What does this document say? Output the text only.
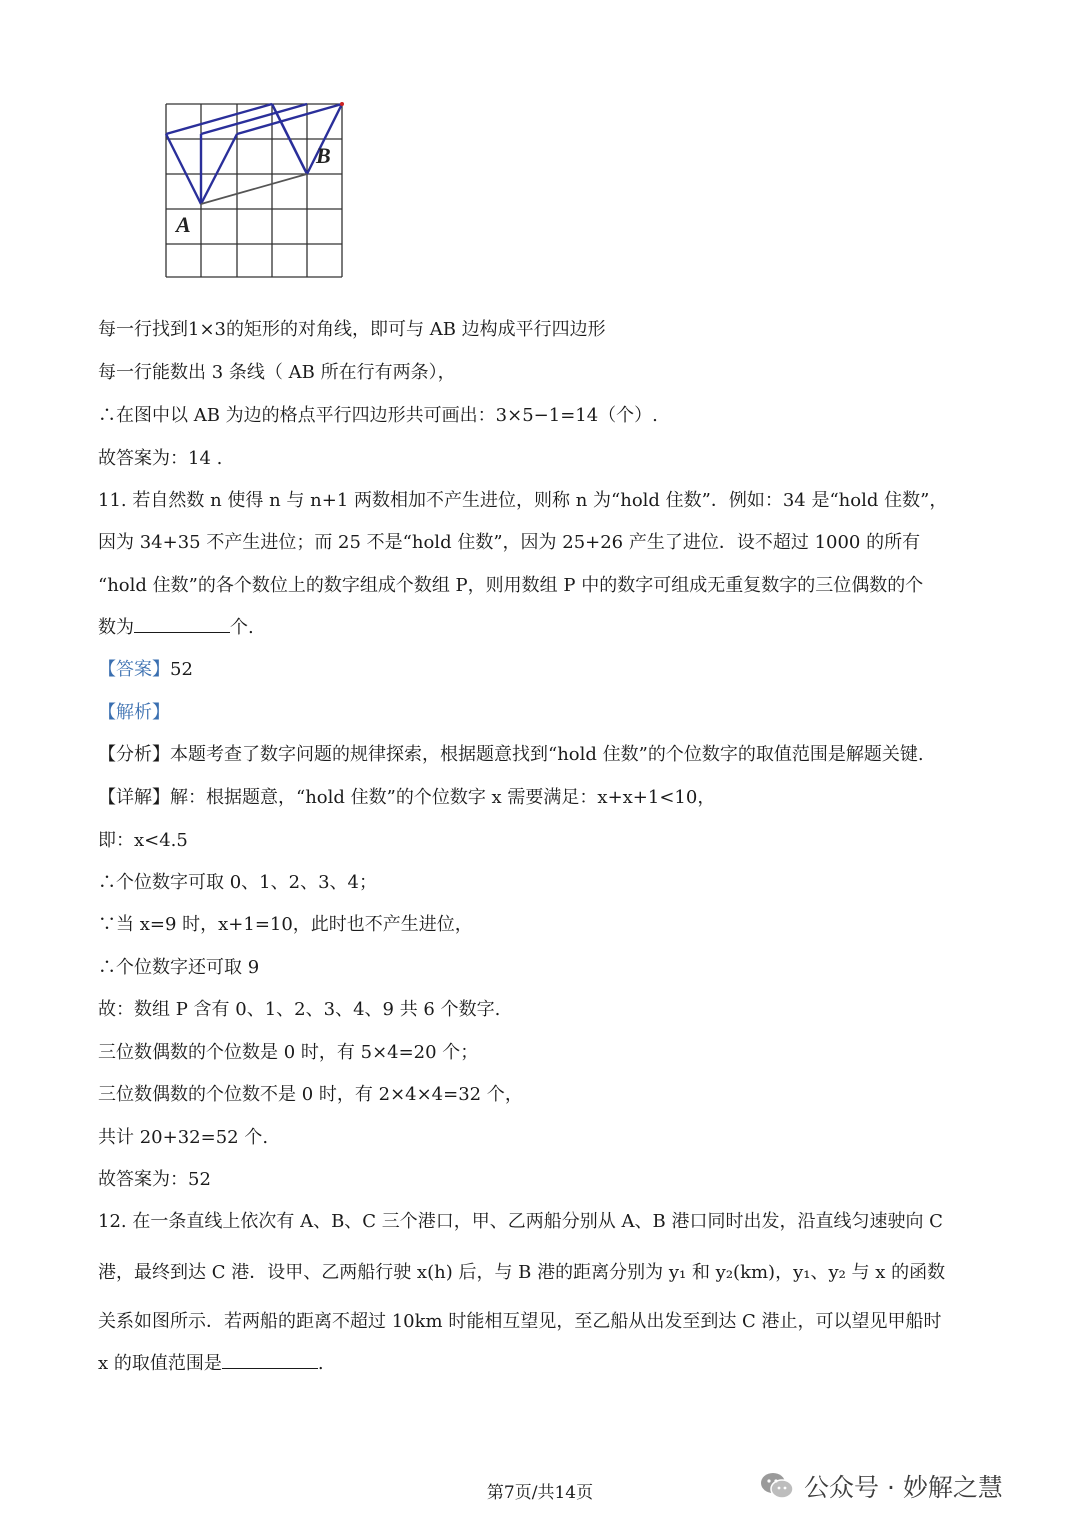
A
B
每一行找到1×3的矩形的对角线，即可与 AB 边构成平行四边形
每一行能数出 3 条线（ AB 所在行有两条），
∴在图中以 AB 为边的格点平行四边形共可画出：3×5−1=14（个）.
故答案为：14 .
11. 若自然数 n 使得 n 与 n+1 两数相加不产生进位，则称 n 为“hold 住数”．例如：34 是“hold 住数”，
因为 34+35 不产生进位；而 25 不是“hold 住数”，因为 25+26 产生了进位．设不超过 1000 的所有
“hold 住数”的各个数位上的数字组成个数组 P，则用数组 P 中的数字可组成无重复数字的三位偶数的个
数为	个.
【答案】52
【解析】
【分析】本题考查了数字问题的规律探索，根据题意找到“hold 住数”的个位数字的取值范围是解题关键.
【详解】解：根据题意，“hold 住数”的个位数字 x 需要满足：x+x+1<10，
即：x<4.5
∴个位数字可取 0、1、2、3、4；
∵当 x=9 时，x+1=10，此时也不产生进位，
∴个位数字还可取 9
故：数组 P 含有 0、1、2、3、4、9 共 6 个数字.
三位数偶数的个位数是 0 时，有 5×4=20 个；
三位数偶数的个位数不是 0 时，有 2×4×4=32 个，
共计 20+32=52 个.
故答案为：52
12. 在一条直线上依次有 A、B、C 三个港口，甲、乙两船分别从 A、B 港口同时出发，沿直线匀速驶向 C
港，最终到达 C 港．设甲、乙两船行驶 x(h) 后，与 B 港的距离分别为 y₁ 和 y₂(km)，y₁、y₂ 与 x 的函数
关系如图所示．若两船的距离不超过 10km 时能相互望见，至乙船从出发至到达 C 港止，可以望见甲船时
x 的取值范围是	.
第7页/共14页	公众号 · 妙解之慧
